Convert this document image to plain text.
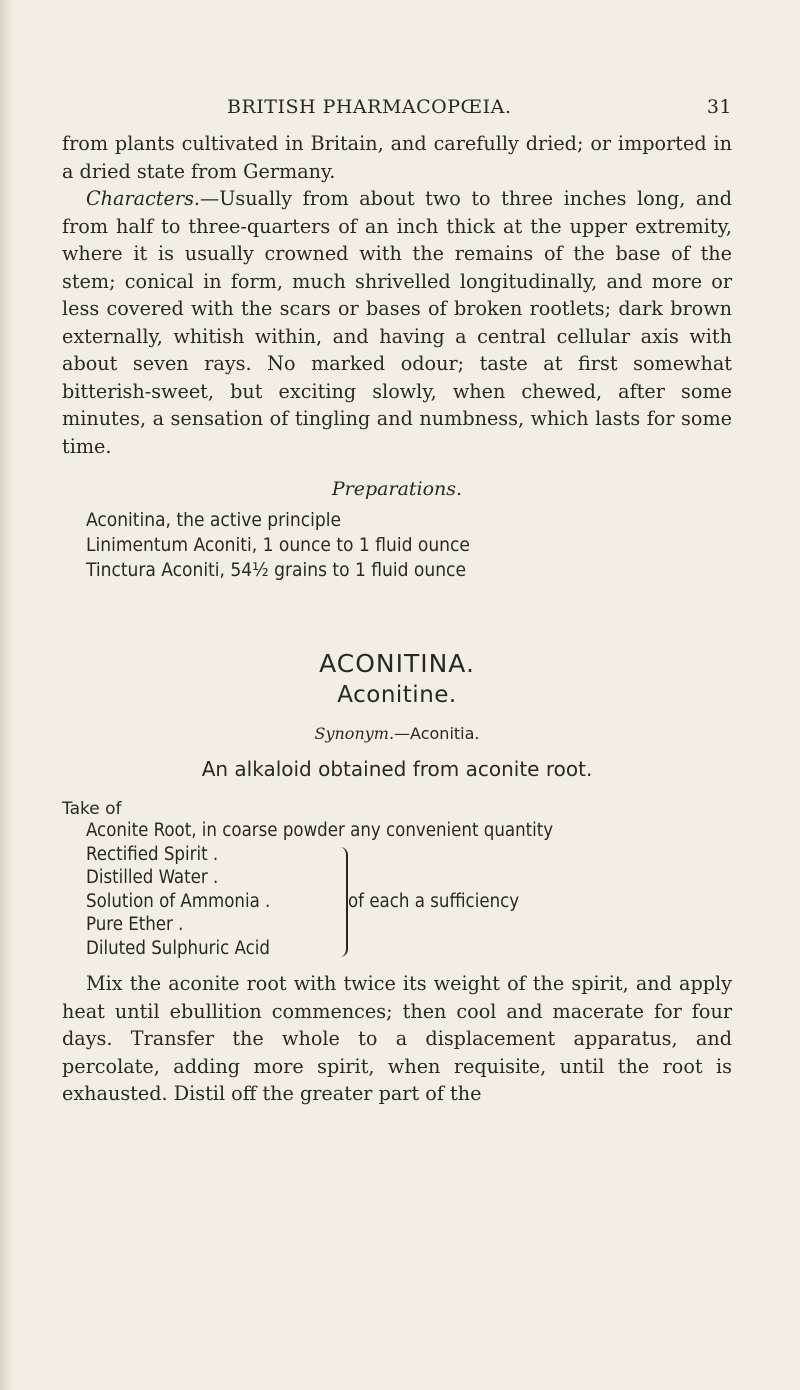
BRITISH PHARMACOPŒIA.	31

from plants cultivated in Britain, and carefully dried; or imported in a dried state from Germany.

Characters.—Usually from about two to three inches long, and from half to three-quarters of an inch thick at the upper extremity, where it is usually crowned with the remains of the base of the stem; conical in form, much shrivelled longitudinally, and more or less covered with the scars or bases of broken rootlets; dark brown externally, whitish within, and having a central cellular axis with about seven rays. No marked odour; taste at first somewhat bitterish-sweet, but exciting slowly, when chewed, after some minutes, a sensation of tingling and numbness, which lasts for some time.

Preparations.
Aconitina, the active principle
Linimentum Aconiti, 1 ounce to 1 fluid ounce
Tinctura Aconiti, 54½ grains to 1 fluid ounce
ACONITINA.
Aconitine.
Synonym.—Aconitia.
An alkaloid obtained from aconite root.
Take of
Aconite Root, in coarse powder any convenient quantity
Rectified Spirit .
Distilled Water .
Solution of Ammonia .
Pure Ether .
Diluted Sulphuric Acid
of each a sufficiency

Mix the aconite root with twice its weight of the spirit, and apply heat until ebullition commences; then cool and macerate for four days. Transfer the whole to a displacement apparatus, and percolate, adding more spirit, when requisite, until the root is exhausted. Distil off the greater part of the
